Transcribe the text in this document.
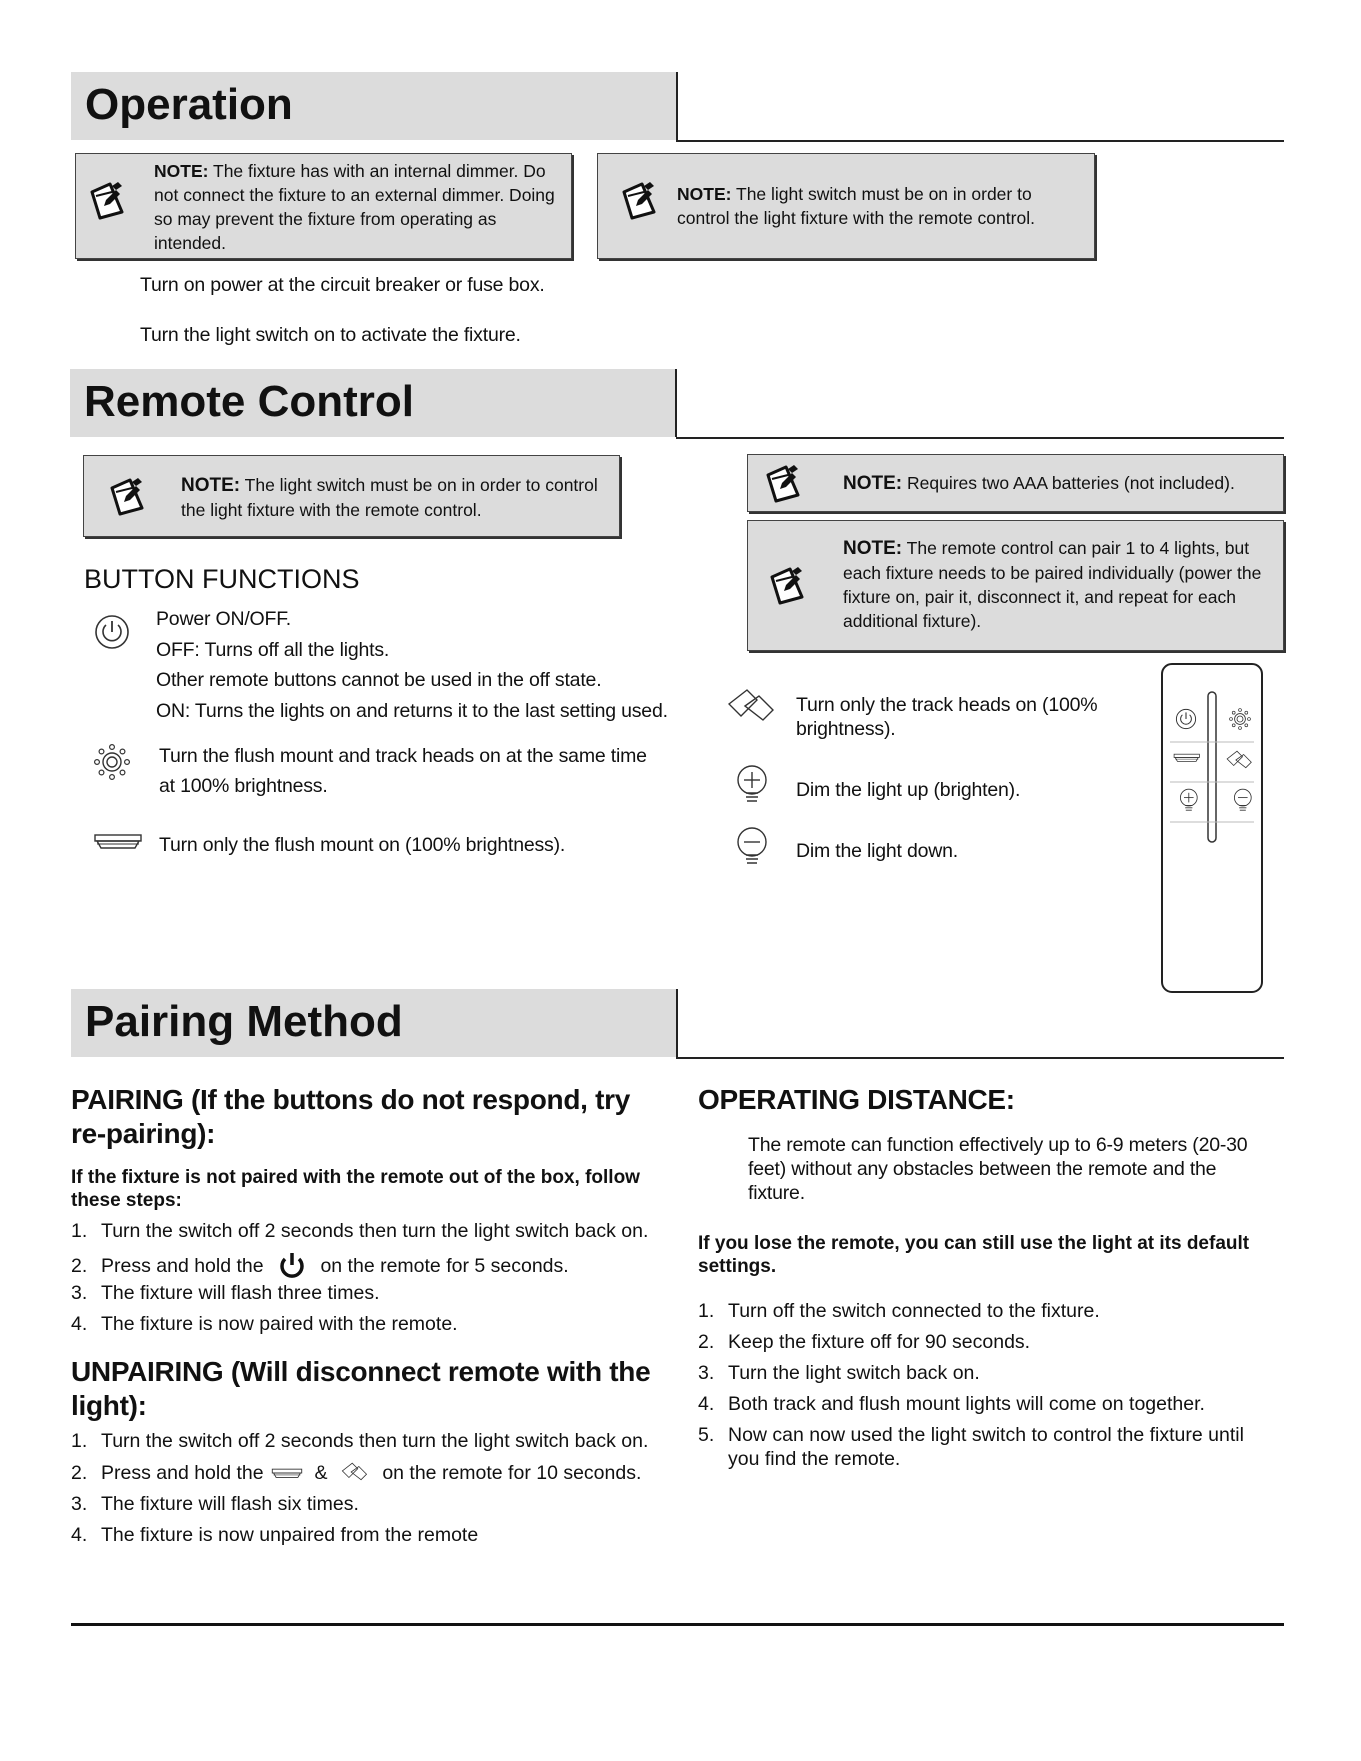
Operation
NOTE: The fixture has with an internal dimmer. Do not connect the fixture to an external dimmer. Doing so may prevent the fixture from operating as intended.
NOTE: The light switch must be on in order to control the light fixture with the remote control.
Turn on power at the circuit breaker or fuse box.
Turn the light switch on to activate the fixture.
Remote Control
NOTE: The light switch must be on in order to control the light fixture with the remote control.
NOTE: Requires two AAA batteries (not included).
NOTE: The remote control can pair 1 to 4 lights, but each fixture needs to be paired individually (power the fixture on, pair it, disconnect it, and repeat for each additional fixture).
BUTTON FUNCTIONS
Power ON/OFF.
OFF: Turns off all the lights.
Other remote buttons cannot be used in the off state.
ON: Turns the lights on and returns it to the last setting used.
Turn the flush mount and track heads on at the same time
at 100% brightness.
Turn only the flush mount on (100% brightness).
Turn only the track heads on (100%
brightness).
Dim the light up (brighten).
Dim the light down.
Pairing Method
PAIRING (If the buttons do not respond, try
re-pairing):
If the fixture is not paired with the remote out of the box, follow
these steps:
1. Turn the switch off 2 seconds then turn the light switch back on.
2. Press and hold the	on the remote for 5 seconds.
3. The fixture will flash three times.
4. The fixture is now paired with the remote.
UNPAIRING (Will disconnect remote with the
light):
1. Turn the switch off 2 seconds then turn the light switch back on.
2. Press and hold the	&	on the remote for 10 seconds.
3. The fixture will flash six times.
4. The fixture is now unpaired from the remote
OPERATING DISTANCE:
The remote can function effectively up to 6-9 meters (20-30
feet) without any obstacles between the remote and the
fixture.
If you lose the remote, you can still use the light at its default
settings.
1. Turn off the switch connected to the fixture.
2. Keep the fixture off for 90 seconds.
3. Turn the light switch back on.
4. Both track and flush mount lights will come on together.
5. Now can now used the light switch to control the fixture until
you find the remote.
